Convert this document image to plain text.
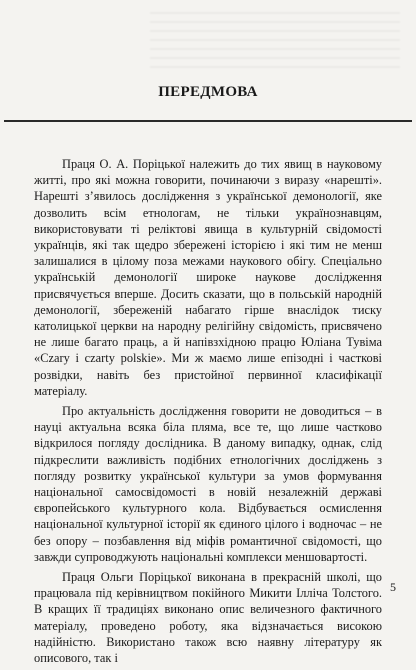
ПЕРЕДМОВА

Праця О. А. Порiцької належить до тих явищ в науковому життi, про якi можна говорити, починаючи з виразу «нарештi». Нарештi з’явилось дослiдження з української демонологiї, яке дозволить всiм етнологам, не тiльки українознавцям, використовувати тi релiктовi явища в культурнiй свiдомостi українцiв, якi так щедро збереженi iсторiєю i якi тим не менш залишалися в цiлому поза межами наукового обiгу. Спецiально українській демонологiї широке наукове дослiдження присвячується вперше. Досить сказати, що в польській народнiй демонологiї, збереженiй набагато гiрше внаслiдок тиску католицької церкви на народну релiгiйну свiдомiсть, присвячено не лише багато праць, а й напiвзхiдною працю Юлiана Тувiма «Czary i czarty polskie». Ми ж маємо лише епiзоднi i часткові розвiдки, навiть без пристойної первинної класифiкацiї матерiалу.

Про актуальнiсть дослiдження говорити не доводиться – в науцi актуальна всяка бiла пляма, все те, що лише частково вiдкрилося погляду дослiдника. В даному випадку, однак, слiд пiдкреслити важливiсть подiбних етнологiчних дослiджень з погляду розвитку української культури за умов формування нацiональної самосвiдомостi в новiй незалежнiй державi європейського культурного кола. Вiдбувається осмислення нацiональної культурної iсторiї як єдиного цiлого i водночас – не без опору – позбавлення вiд мiфiв романтичної свiдомостi, що завжди супроводжують нацiональнi комплекси меншовартостi.

Праця Ольги Порiцької виконана в прекраснiй школi, що працювала пiд керiвництвом покiйного Микити Iллiча Толстого. В кращих її традицiях виконано опис величезного фактичного матерiалу, проведено роботу, яка вiдзначається високою надiйнiстю. Використано також всю наявну лiтературу як описового, так i

5
